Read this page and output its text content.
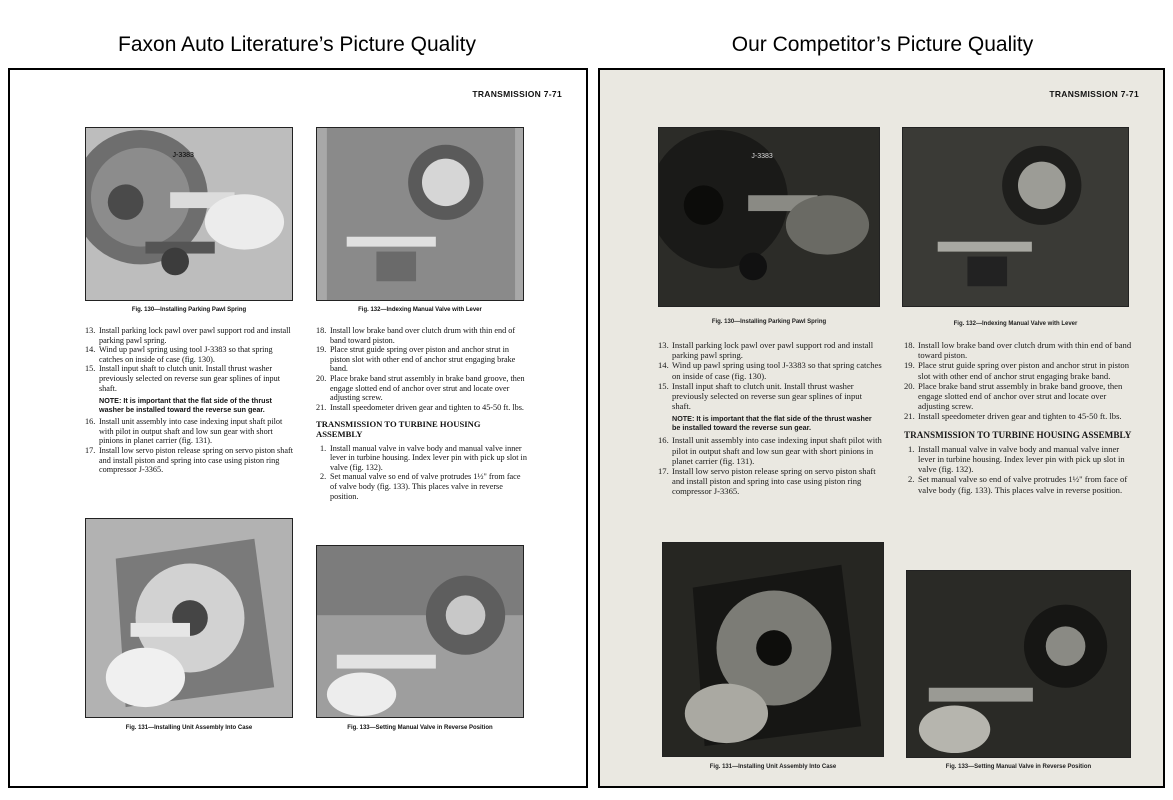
Faxon Auto Literature’s Picture Quality	Our Competitor’s Picture Quality
TRANSMISSION 7-71
J-3383
Fig. 130—Installing Parking Pawl Spring	Fig. 132—Indexing Manual Valve with Lever
13. Install parking lock pawl over pawl support rod and install parking pawl spring.
14. Wind up pawl spring using tool J-3383 so that spring catches on inside of case (fig. 130).
15. Install input shaft to clutch unit. Install thrust washer previously selected on reverse sun gear splines of input shaft.
NOTE: It is important that the flat side of the thrust washer be installed toward the reverse sun gear.
16. Install unit assembly into case indexing input shaft pilot with pilot in output shaft and low sun gear with short pinions in planet carrier (fig. 131).
17. Install low servo piston release spring on servo piston shaft and install piston and spring into case using piston ring compressor J-3365.
18. Install low brake band over clutch drum with thin end of band toward piston.
19. Place strut guide spring over piston and anchor strut in piston slot with other end of anchor strut engaging brake band.
20. Place brake band strut assembly in brake band groove, then engage slotted end of anchor over strut and locate over adjusting screw.
21. Install speedometer driven gear and tighten to 45-50 ft. lbs.
TRANSMISSION TO TURBINE HOUSING ASSEMBLY
1. Install manual valve in valve body and manual valve inner lever in turbine housing. Index lever pin with pick up slot in valve (fig. 132).
2. Set manual valve so end of valve protrudes 1½" from face of valve body (fig. 133). This places valve in reverse position.
Fig. 131—Installing Unit Assembly Into Case	Fig. 133—Setting Manual Valve in Reverse Position
TRANSMISSION 7-71
J-3383
Fig. 130—Installing Parking Pawl Spring	Fig. 132—Indexing Manual Valve with Lever
13. Install parking lock pawl over pawl support rod and install parking pawl spring.
14. Wind up pawl spring using tool J-3383 so that spring catches on inside of case (fig. 130).
15. Install input shaft to clutch unit. Install thrust washer previously selected on reverse sun gear splines of input shaft.
NOTE: It is important that the flat side of the thrust washer be installed toward the reverse sun gear.
16. Install unit assembly into case indexing input shaft pilot with pilot in output shaft and low sun gear with short pinions in planet carrier (fig. 131).
17. Install low servo piston release spring on servo piston shaft and install piston and spring into case using piston ring compressor J-3365.
18. Install low brake band over clutch drum with thin end of band toward piston.
19. Place strut guide spring over piston and anchor strut in piston slot with other end of anchor strut engaging brake band.
20. Place brake band strut assembly in brake band groove, then engage slotted end of anchor over strut and locate over adjusting screw.
21. Install speedometer driven gear and tighten to 45-50 ft. lbs.
TRANSMISSION TO TURBINE HOUSING ASSEMBLY
1. Install manual valve in valve body and manual valve inner lever in turbine housing. Index lever pin with pick up slot in valve (fig. 132).
2. Set manual valve so end of valve protrudes 1½" from face of valve body (fig. 133). This places valve in reverse position.
Fig. 131—Installing Unit Assembly Into Case	Fig. 133—Setting Manual Valve in Reverse Position
